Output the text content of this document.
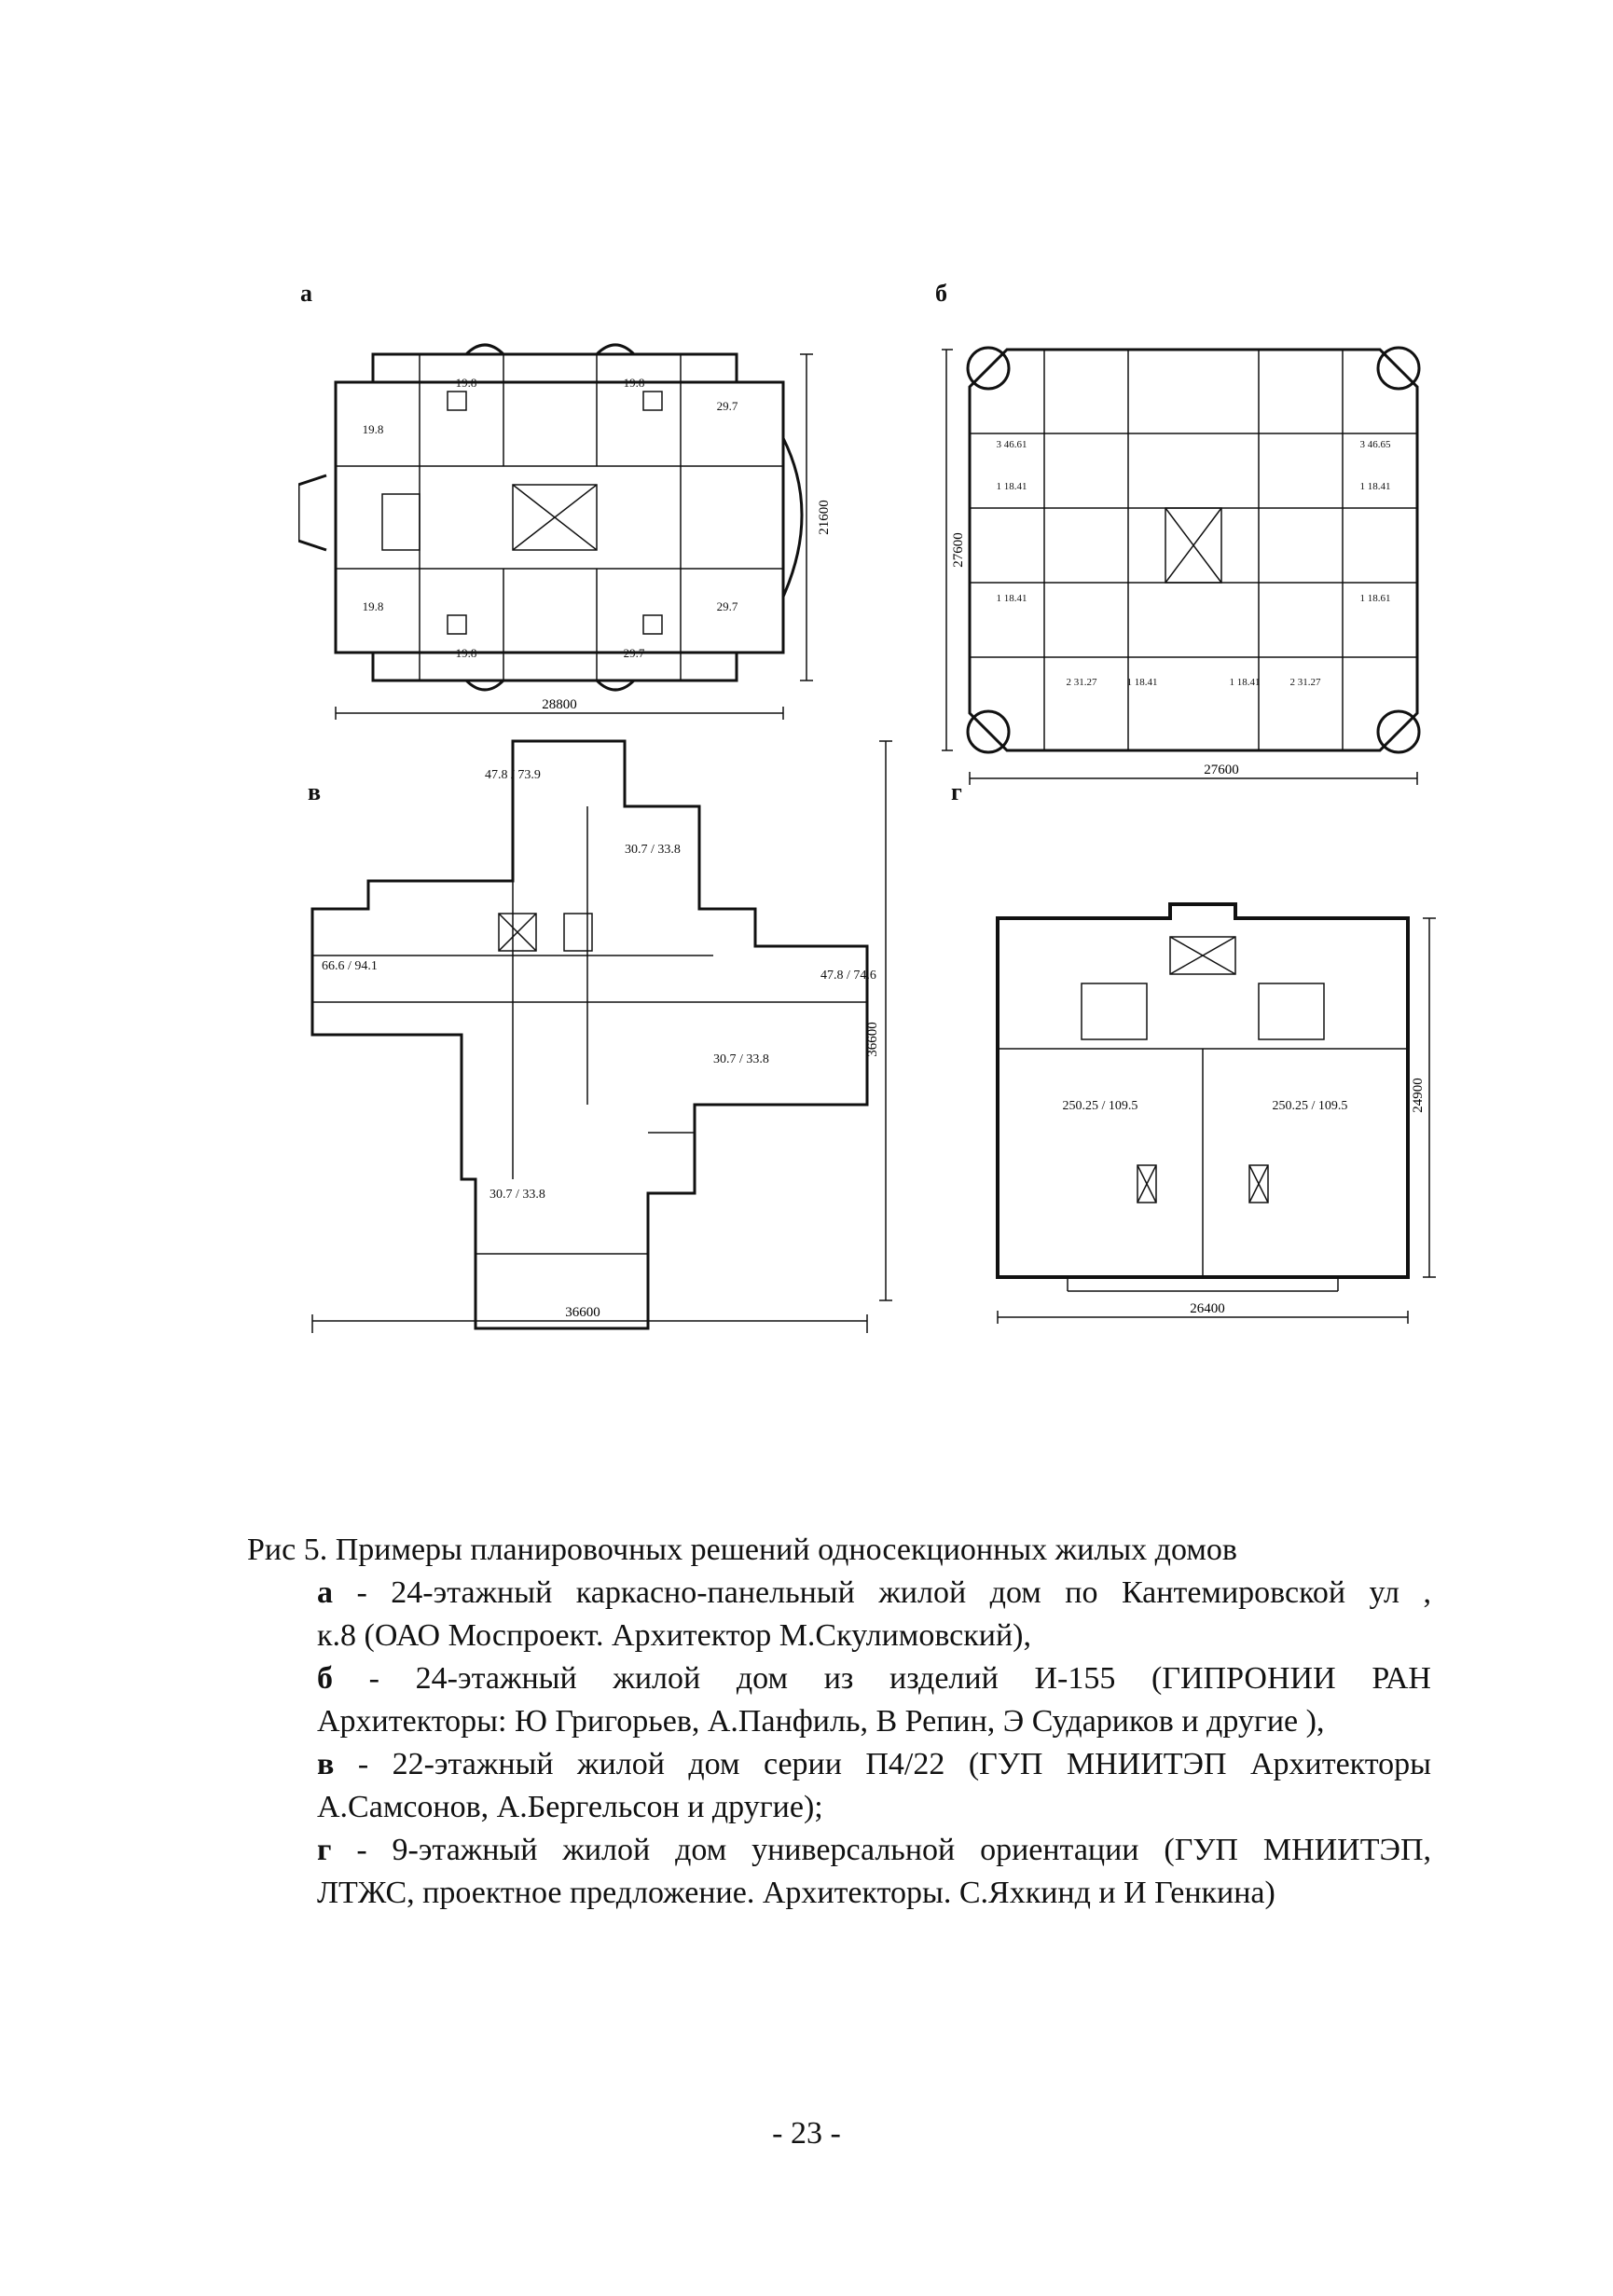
а	б
в	г
19.8	19.8
29.7
19.8
29.7
19.8
19.8	29.7
28800
21600
3 46.61	3 46.65
1 18.41	1 18.41
1 18.41	1 18.61
2 31.27	1 18.41	1 18.41	2 31.27
27600
27600
47.8 / 73.9
30.7 / 33.8
66.6 / 94.1
47.8 / 74.6
30.7 / 33.8
30.7 / 33.8
36600
36600
250.25 / 109.5	250.25 / 109.5
26400
24900
Рис 5. Примеры планировочных решений односекционных жилых домов
а - 24-этажный каркасно-панельный жилой дом по Кантемировской ул ,
к.8 (ОАО Моспроект. Архитектор М.Скулимовский),
б - 24-этажный жилой дом из изделий И-155 (ГИПРОНИИ РАН
Архитекторы: Ю Григорьев, А.Панфиль, В Репин, Э Судариков и другие ),
в - 22-этажный жилой дом серии П4/22 (ГУП МНИИТЭП Архитекторы
А.Самсонов, А.Бергельсон и другие);
г - 9-этажный жилой дом универсальной ориентации (ГУП МНИИТЭП,
ЛТЖС, проектное предложение. Архитекторы. С.Яхкинд и И Генкина)
- 23 -
